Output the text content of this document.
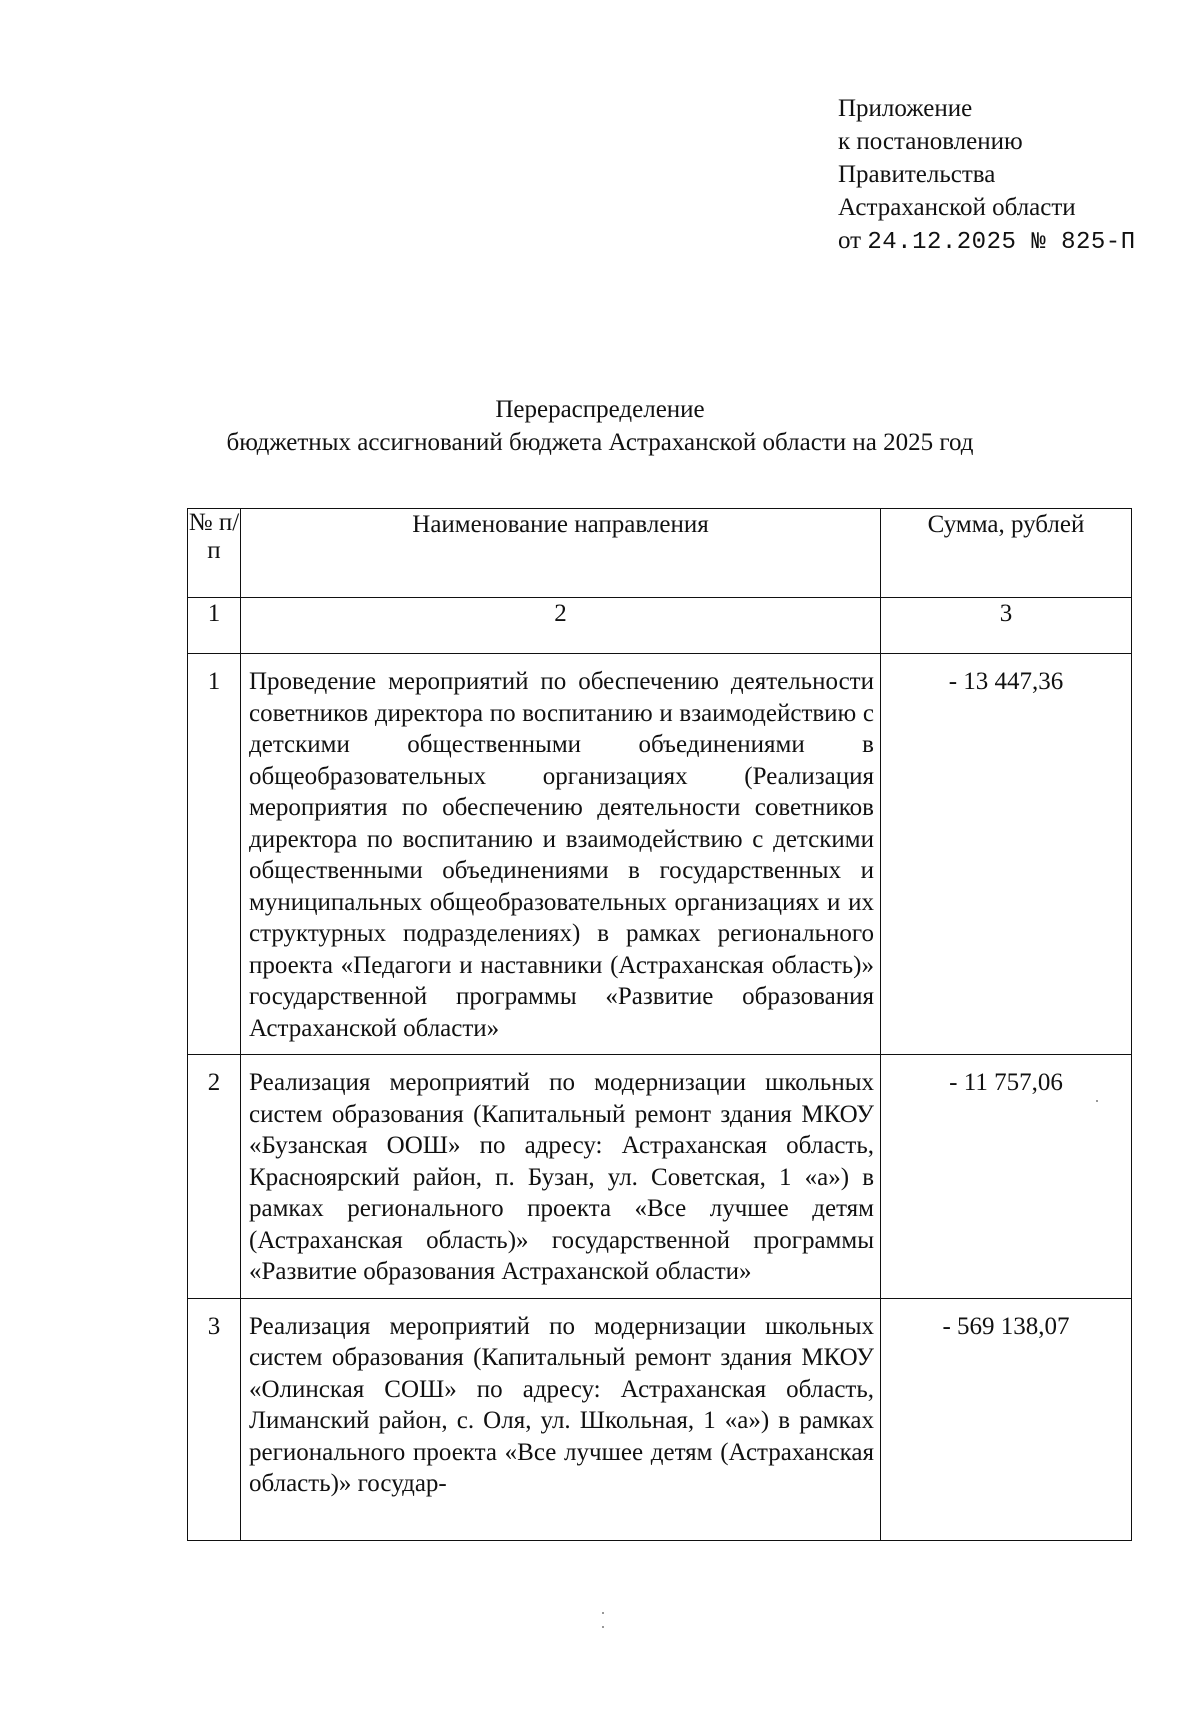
Приложение
к постановлению
Правительства
Астраханской области
от 24.12.2025 № 825-П
Перераспределение
бюджетных ассигнований бюджета Астраханской области на 2025 год
№ п/п	Наименование направления	Сумма, рублей
1	2	3
1	Проведение мероприятий по обеспечению деятельности советников директора по воспитанию и взаимодействию с детскими общественными объединениями в общеобразовательных организациях (Реализация мероприятия по обеспечению деятельности советников директора по воспитанию и взаимодействию с детскими общественными объединениями в государственных и муниципальных общеобразовательных организациях и их структурных подразделениях) в рамках регионального проекта «Педагоги и наставники (Астраханская область)» государственной программы «Развитие образования Астраханской области»	- 13 447,36
2	Реализация мероприятий по модернизации школьных систем образования (Капитальный ремонт здания МКОУ «Бузанская ООШ» по адресу: Астраханская область, Красноярский район, п. Бузан, ул. Советская, 1 «а») в рамках регионального проекта «Все лучшее детям (Астраханская область)» государственной программы «Развитие образования Астраханской области»	- 11 757,06
3	Реализация мероприятий по модернизации школьных систем образования (Капитальный ремонт здания МКОУ «Олинская СОШ» по адресу: Астраханская область, Лиманский район, с. Оля, ул. Школьная, 1 «а») в рамках регионального проекта «Все лучшее детям (Астраханская область)» государ-	- 569 138,07
